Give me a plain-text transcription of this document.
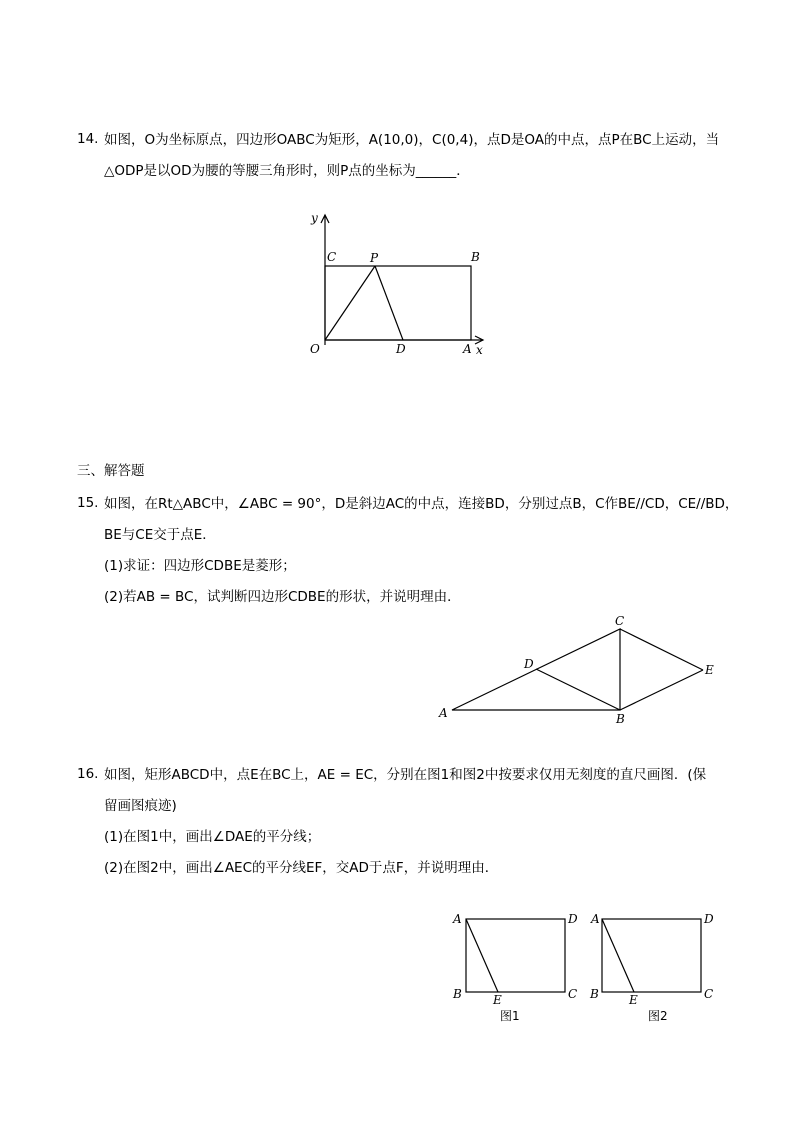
14. 如图，O为坐标原点，四边形OABC为矩形，A(10,0)，C(0,4)，点D是OA的中点，点P在BC上运动，当
△ODP是以OD为腰的等腰三角形时，则P点的坐标为______．
y
x
O
C	P	B
D	A
三、解答题
15. 如图，在Rt△ABC中，∠ABC = 90°，D是斜边AC的中点，连接BD，分别过点B，C作BE//CD，CE//BD，
BE与CE交于点E．
(1)求证：四边形CDBE是菱形；
(2)若AB = BC，试判断四边形CDBE的形状，并说明理由．
A	B
C
D	E
16. 如图，矩形ABCD中，点E在BC上，AE = EC，分别在图1和图2中按要求仅用无刻度的直尺画图．(保
留画图痕迹)
(1)在图1中，画出∠DAE的平分线；
(2)在图2中，画出∠AEC的平分线EF，交AD于点F，并说明理由．
A	D
B	C
E
图1
A	D
B	C
E
图2
